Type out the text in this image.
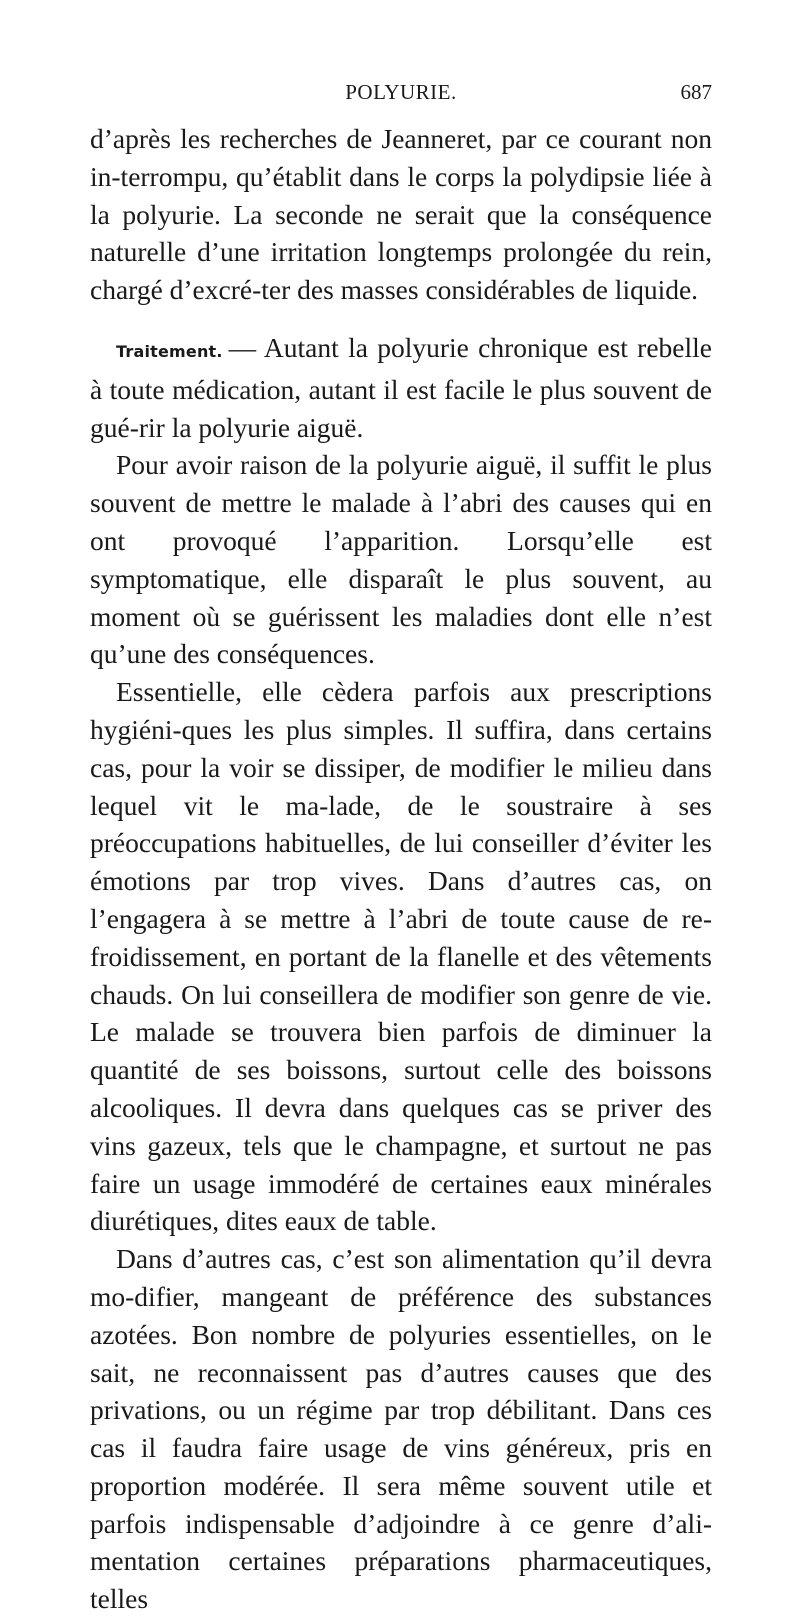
POLYURIE.	687

d’après les recherches de Jeanneret, par ce courant non in-terrompu, qu’établit dans le corps la polydipsie liée à la polyurie. La seconde ne serait que la conséquence naturelle d’une irritation longtemps prolongée du rein, chargé d’excré-ter des masses considérables de liquide.

Traitement. — Autant la polyurie chronique est rebelle à toute médication, autant il est facile le plus souvent de gué-rir la polyurie aiguë.

Pour avoir raison de la polyurie aiguë, il suffit le plus souvent de mettre le malade à l’abri des causes qui en ont provoqué l’apparition. Lorsqu’elle est symptomatique, elle disparaît le plus souvent, au moment où se guérissent les maladies dont elle n’est qu’une des conséquences.

Essentielle, elle cèdera parfois aux prescriptions hygiéni-ques les plus simples. Il suffira, dans certains cas, pour la voir se dissiper, de modifier le milieu dans lequel vit le ma-lade, de le soustraire à ses préoccupations habituelles, de lui conseiller d’éviter les émotions par trop vives. Dans d’autres cas, on l’engagera à se mettre à l’abri de toute cause de re-froidissement, en portant de la flanelle et des vêtements chauds. On lui conseillera de modifier son genre de vie. Le malade se trouvera bien parfois de diminuer la quantité de ses boissons, surtout celle des boissons alcooliques. Il devra dans quelques cas se priver des vins gazeux, tels que le champagne, et surtout ne pas faire un usage immodéré de certaines eaux minérales diurétiques, dites eaux de table.

Dans d’autres cas, c’est son alimentation qu’il devra mo-difier, mangeant de préférence des substances azotées. Bon nombre de polyuries essentielles, on le sait, ne reconnaissent pas d’autres causes que des privations, ou un régime par trop débilitant. Dans ces cas il faudra faire usage de vins généreux, pris en proportion modérée. Il sera même souvent utile et parfois indispensable d’adjoindre à ce genre d’ali-mentation certaines préparations pharmaceutiques, telles
